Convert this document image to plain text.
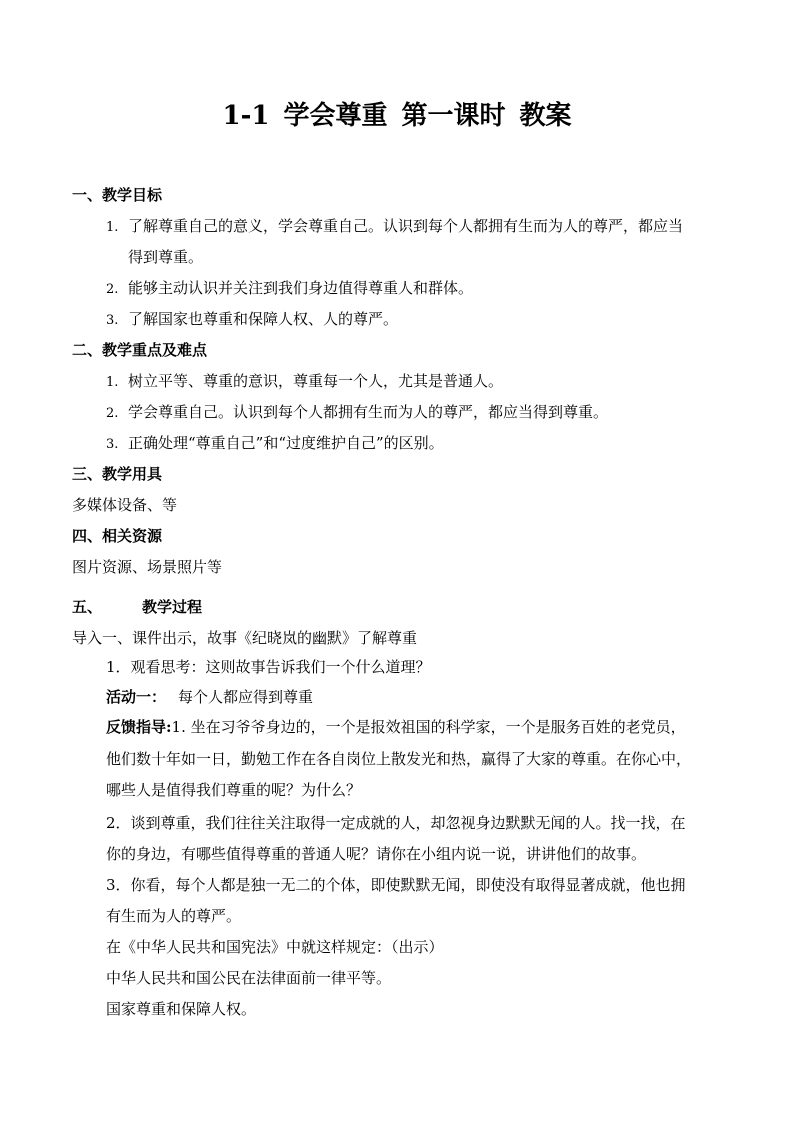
1-1 学会尊重 第一课时 教案
一、教学目标
1. 了解尊重自己的意义，学会尊重自己。认识到每个人都拥有生而为人的尊严，都应当
得到尊重。
2. 能够主动认识并关注到我们身边值得尊重人和群体。
3. 了解国家也尊重和保障人权、人的尊严。
二、教学重点及难点
1. 树立平等、尊重的意识，尊重每一个人，尤其是普通人。
2. 学会尊重自己。认识到每个人都拥有生而为人的尊严，都应当得到尊重。
3. 正确处理“尊重自己”和“过度维护自己”的区别。
三、教学用具
多媒体设备、等
四、相关资源
图片资源、场景照片等
五、	教学过程
导入一、课件出示，故事《纪晓岚的幽默》了解尊重
1．观看思考：这则故事告诉我们一个什么道理？
活动一： 每个人都应得到尊重
反馈指导:1. 坐在习爷爷身边的，一个是报效祖国的科学家，一个是服务百姓的老党员，
他们数十年如一日，勤勉工作在各自岗位上散发光和热，赢得了大家的尊重。在你心中，
哪些人是值得我们尊重的呢？为什么？
2．谈到尊重，我们往往关注取得一定成就的人，却忽视身边默默无闻的人。找一找，在
你的身边，有哪些值得尊重的普通人呢？请你在小组内说一说，讲讲他们的故事。
3．你看，每个人都是独一无二的个体，即使默默无闻，即使没有取得显著成就，他也拥
有生而为人的尊严。
在《中华人民共和国宪法》中就这样规定：（出示）
中华人民共和国公民在法律面前一律平等。
国家尊重和保障人权。
